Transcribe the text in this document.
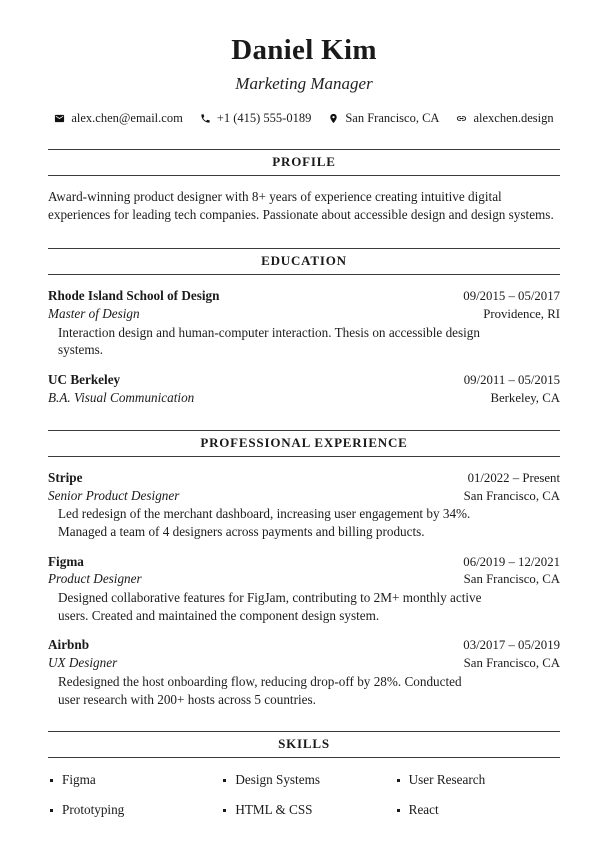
Daniel Kim
Marketing Manager
alex.chen@email.com	+1 (415) 555-0189	San Francisco, CA	alexchen.design
PROFILE
Award-winning product designer with 8+ years of experience creating intuitive digital experiences for leading tech companies. Passionate about accessible design and design systems.
EDUCATION
Rhode Island School of Design	09/2015 – 05/2017
Master of Design	Providence, RI
Interaction design and human-computer interaction. Thesis on accessible design systems.
UC Berkeley	09/2011 – 05/2015
B.A. Visual Communication	Berkeley, CA
PROFESSIONAL EXPERIENCE
Stripe	01/2022 – Present
Senior Product Designer	San Francisco, CA
Led redesign of the merchant dashboard, increasing user engagement by 34%. Managed a team of 4 designers across payments and billing products.
Figma	06/2019 – 12/2021
Product Designer	San Francisco, CA
Designed collaborative features for FigJam, contributing to 2M+ monthly active users. Created and maintained the component design system.
Airbnb	03/2017 – 05/2019
UX Designer	San Francisco, CA
Redesigned the host onboarding flow, reducing drop-off by 28%. Conducted user research with 200+ hosts across 5 countries.
SKILLS
Figma	Design Systems	User Research
Prototyping	HTML & CSS	React
